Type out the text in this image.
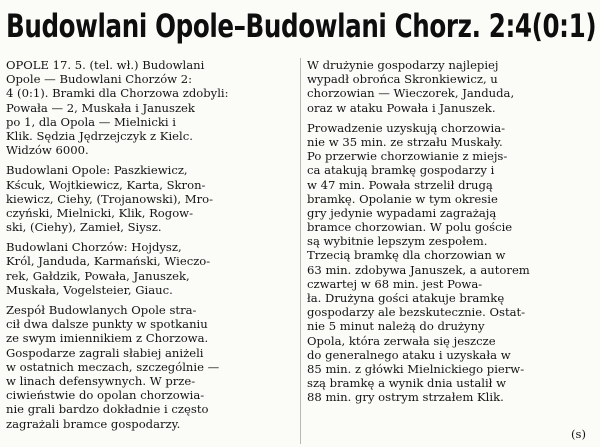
Budowlani Opole–Budowlani Chorz. 2:4(0:1)
OPOLE 17. 5. (tel. wł.) Budowlani
Opole — Budowlani Chorzów 2:
4 (0:1). Bramki dla Chorzowa zdobyli:
Powała — 2, Muskała i Januszek
po 1, dla Opola — Mielnicki i
Klik. Sędzia Jędrzejczyk z Kielc.
Widzów 6000.
Budowlani Opole: Paszkiewicz,
Kścuk, Wojtkiewicz, Karta, Skron-
kiewicz, Ciehy, (Trojanowski), Mro-
czyński, Mielnicki, Klik, Rogow-
ski, (Ciehy), Zamieł, Siysz.
Budowlani Chorzów: Hojdysz,
Król, Janduda, Karmański, Wieczo-
rek, Gałdzik, Powała, Januszek,
Muskała, Vogelsteier, Giauc.
Zespół Budowlanych Opole stra-
cił dwa dalsze punkty w spotkaniu
ze swym imiennikiem z Chorzowa.
Gospodarze zagrali słabiej aniżeli
w ostatnich meczach, szczególnie —
w linach defensywnych. W prze-
ciwieństwie do opolan chorzowia-
nie grali bardzo dokładnie i często
zagrażali bramce gospodarzy.
W drużynie gospodarzy najlepiej
wypadł obrońca Skronkiewicz, u
chorzowian — Wieczorek, Janduda,
oraz w ataku Powała i Januszek.
Prowadzenie uzyskują chorzowia-
nie w 35 min. ze strzału Muskały.
Po przerwie chorzowianie z miejs-
ca atakują bramkę gospodarzy i
w 47 min. Powała strzelił drugą
bramkę. Opolanie w tym okresie
gry jedynie wypadami zagrażają
bramce chorzowian. W polu goście
są wybitnie lepszym zespołem.
Trzecią bramkę dla chorzowian w
63 min. zdobywa Januszek, a autorem
czwartej w 68 min. jest Powa-
ła. Drużyna gości atakuje bramkę
gospodarzy ale bezskutecznie. Ostat-
nie 5 minut należą do drużyny
Opola, która zerwała się jeszcze
do generalnego ataku i uzyskała w
85 min. z główki Mielnickiego pierw-
szą bramkę a wynik dnia ustalił w
88 min. gry ostrym strzałem Klik.
(s)
